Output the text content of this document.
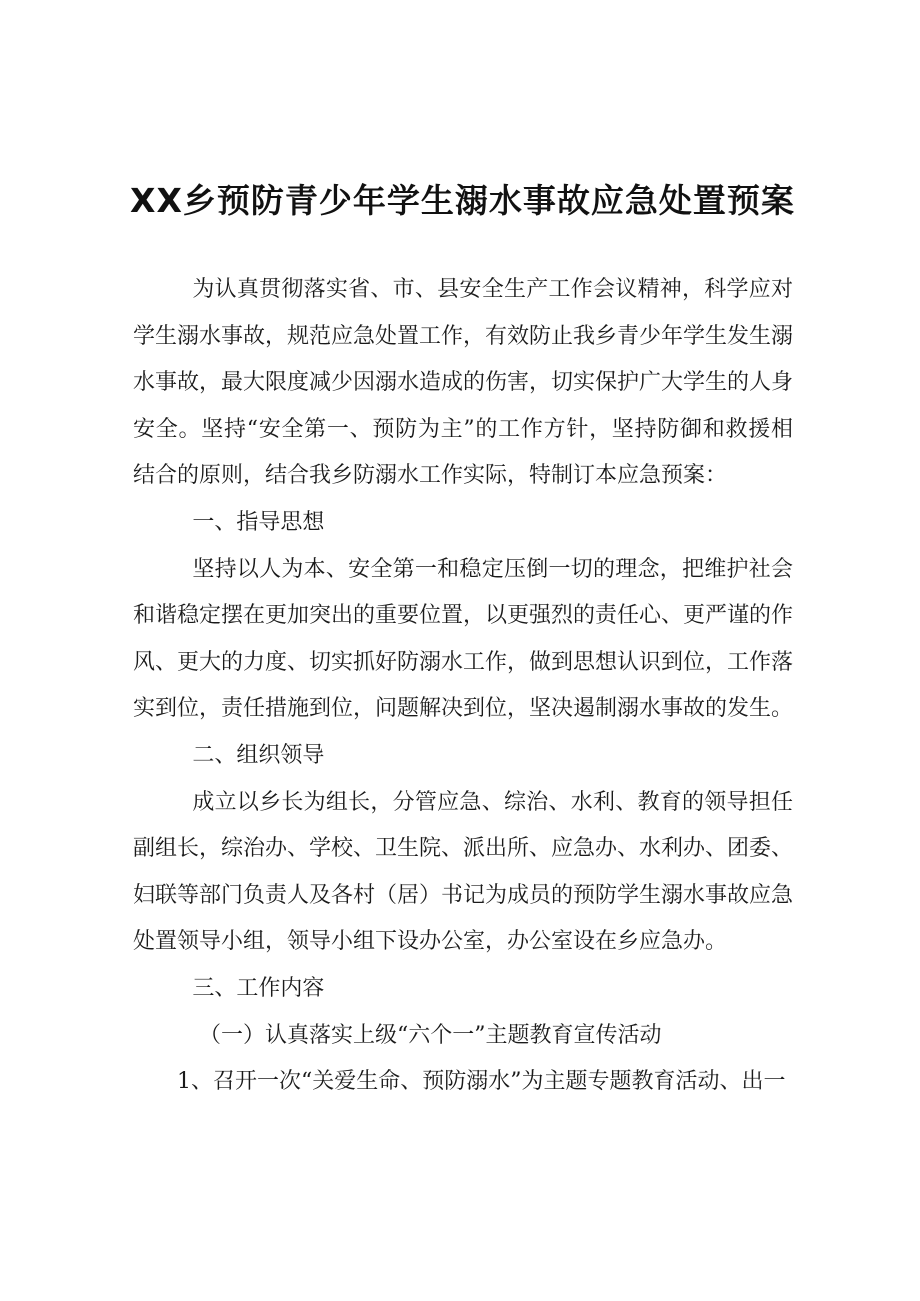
XX乡预防青少年学生溺水事故应急处置预案

为认真贯彻落实省、市、县安全生产工作会议精神，科学应对学生溺水事故，规范应急处置工作，有效防止我乡青少年学生发生溺水事故，最大限度减少因溺水造成的伤害，切实保护广大学生的人身安全。坚持“安全第一、预防为主”的工作方针，坚持防御和救援相结合的原则，结合我乡防溺水工作实际，特制订本应急预案：

一、指导思想

坚持以人为本、安全第一和稳定压倒一切的理念，把维护社会和谐稳定摆在更加突出的重要位置，以更强烈的责任心、更严谨的作风、更大的力度、切实抓好防溺水工作，做到思想认识到位，工作落实到位，责任措施到位，问题解决到位，坚决遏制溺水事故的发生。

二、组织领导

成立以乡长为组长，分管应急、综治、水利、教育的领导担任副组长，综治办、学校、卫生院、派出所、应急办、水利办、团委、妇联等部门负责人及各村（居）书记为成员的预防学生溺水事故应急处置领导小组，领导小组下设办公室，办公室设在乡应急办。

三、工作内容

（一）认真落实上级“六个一”主题教育宣传活动

1、召开一次“关爱生命、预防溺水”为主题专题教育活动、出一
